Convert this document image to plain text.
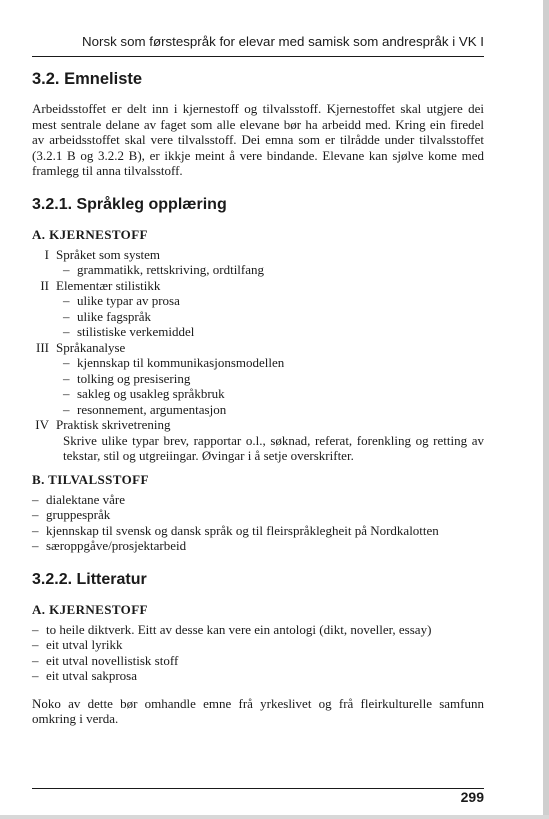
Norsk som førstespråk for elevar med samisk som andrespråk i VK I
3.2. Emneliste

Arbeidsstoffet er delt inn i kjernestoff og tilvalsstoff. Kjernestoffet skal utgjere dei mest sentrale delane av faget som alle elevane bør ha arbeidd med. Kring ein firedel av arbeidsstoffet skal vere tilvalsstoff. Dei emna som er tilrådde under tilvalsstoffet (3.2.1 B og 3.2.2 B), er ikkje meint å vere bindande. Elevane kan sjølve kome med framlegg til anna tilvalsstoff.

3.2.1. Språkleg opplæring
A. KJERNESTOFF
I Språket som system
– grammatikk, rettskriving, ordtilfang
II Elementær stilistikk
– ulike typar av prosa
– ulike fagspråk
– stilistiske verkemiddel
III Språkanalyse
– kjennskap til kommunikasjonsmodellen
– tolking og presisering
– sakleg og usakleg språkbruk
– resonnement, argumentasjon
IV Praktisk skrivetrening
Skrive ulike typar brev, rapportar o.l., søknad, referat, forenkling og retting av tekstar, stil og utgreiingar. Øvingar i å setje overskrifter.
B. TILVALSSTOFF
– dialektane våre
– gruppespråk
– kjennskap til svensk og dansk språk og til fleirspråklegheit på Nordkalotten
– særoppgåve/prosjektarbeid
3.2.2. Litteratur
A. KJERNESTOFF
– to heile diktverk. Eitt av desse kan vere ein antologi (dikt, noveller, essay)
– eit utval lyrikk
– eit utval novellistisk stoff
– eit utval sakprosa

Noko av dette bør omhandle emne frå yrkeslivet og frå fleirkulturelle samfunn omkring i verda.

299
